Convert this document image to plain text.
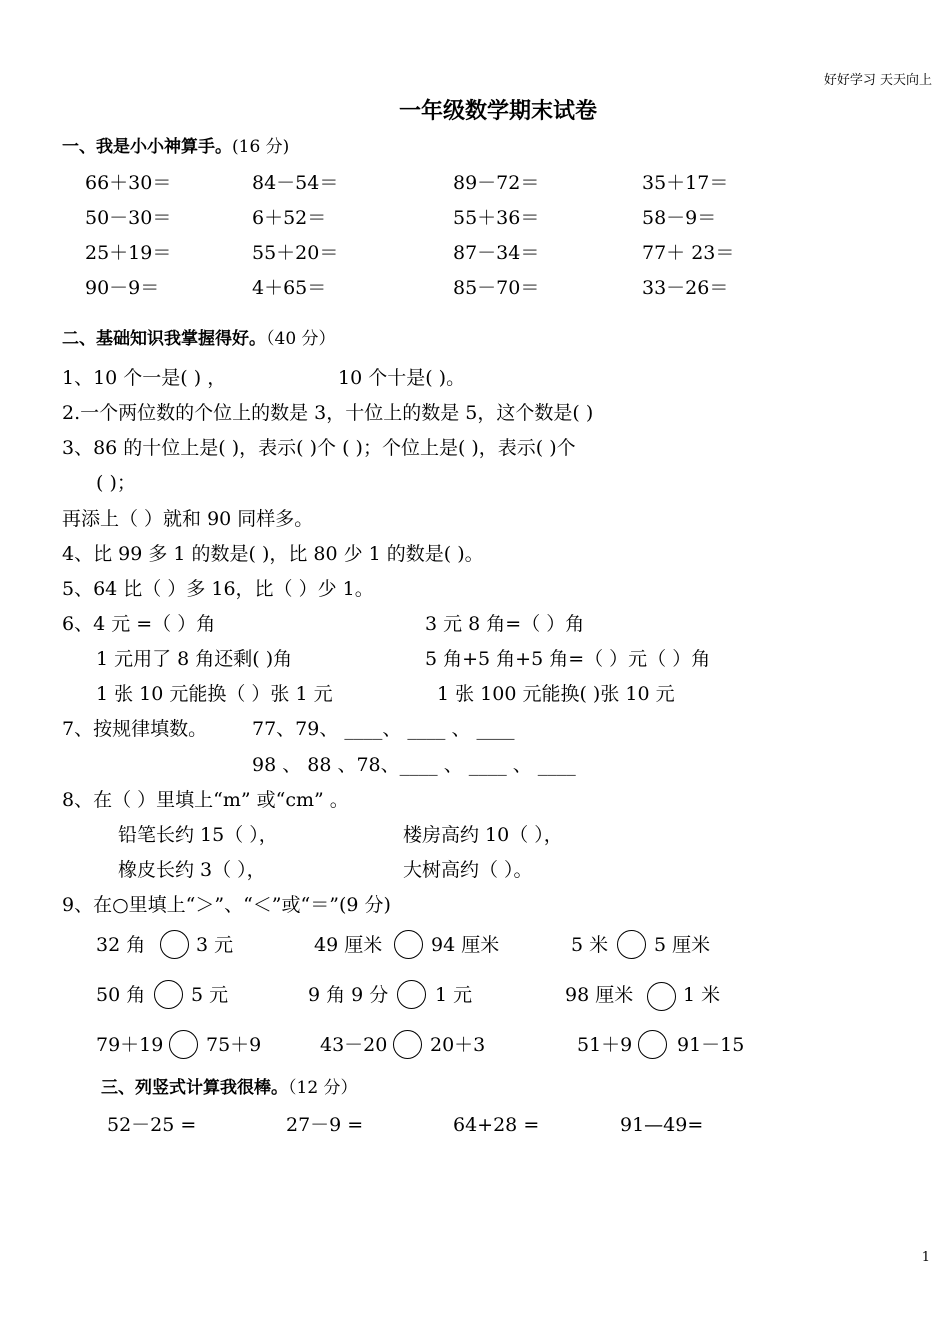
好好学习 天天向上
一年级数学期末试卷
一、我是小小神算手。(16 分)
66＋30＝	84－54＝	89－72＝	35＋17＝
50－30＝	6＋52＝	55＋36＝	58－9＝
25＋19＝	55＋20＝	87－34＝	77＋ 23＝
90－9＝	4＋65＝	85－70＝	33－26＝
二、基础知识我掌握得好。（40 分）
1、10 个一是( ) ，	10 个十是( )。
2.一个两位数的个位上的数是 3，十位上的数是 5，这个数是( )
3、86 的十位上是( )，表示( )个 ( )；个位上是( )，表示( )个
( )；
再添上（ ）就和 90 同样多。
4、比 99 多 1 的数是( )，比 80 少 1 的数是( )。
5、64 比（ ）多 16，比（ ）少 1。
6、4 元 =（ ）角	3 元 8 角=（ ）角
1 元用了 8 角还剩( )角	5 角+5 角+5 角=（ ）元（ ）角
1 张 10 元能换（ ）张 1 元	1 张 100 元能换( )张 10 元
7、按规律填数。 77、79、 ____、 ____ 、 ____
98 、 88 、78、____ 、 ____ 、 ____
8、在（ ）里填上“m” 或“cm” 。
铅笔长约 15（ ），	楼房高约 10（ ），
橡皮长约 3（ ），	大树高约（ ）。
9、在○里填上“＞”、“＜”或“＝”(9 分)
32 角	3 元	49 厘米	94 厘米	5 米 5 厘米
50 角 5 元	9 角 9 分 1 元	98 厘米	1 米
79＋19 75＋9	43－20 20＋3	51＋9 91－15
三、列竖式计算我很棒。（12 分）
52－25 =	27－9 =	64+28 =	91—49=
1
